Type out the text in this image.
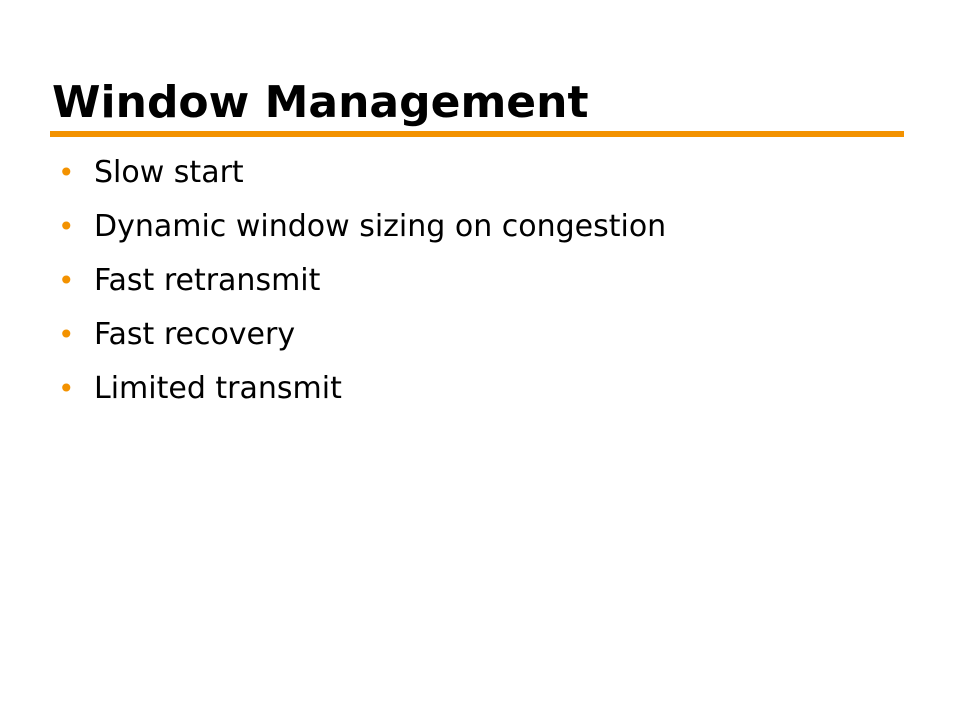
Window Management
• Slow start
• Dynamic window sizing on congestion
• Fast retransmit
• Fast recovery
• Limited transmit
